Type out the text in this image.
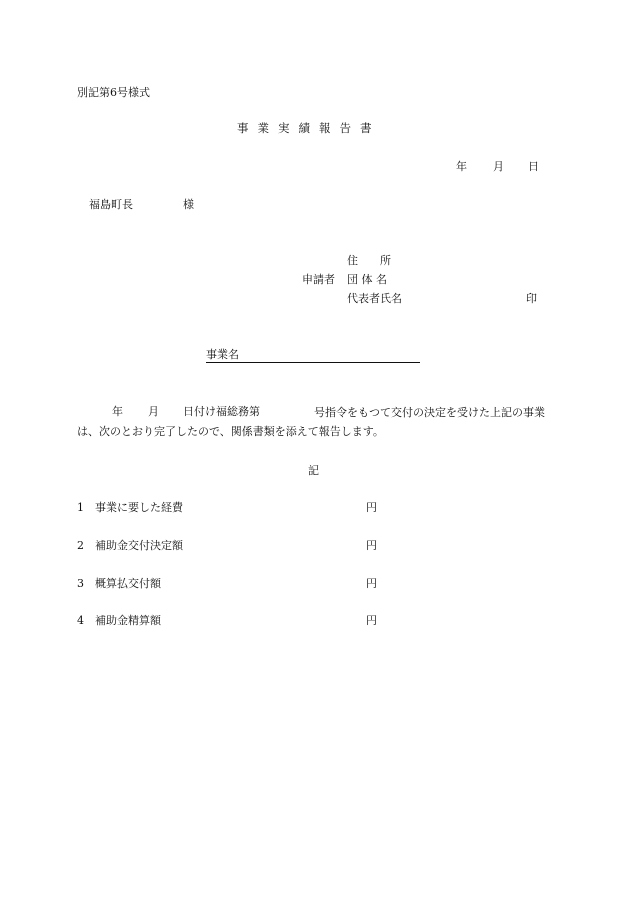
別記第6号様式
事業実績報告書
年 月 日
福島町長	様
住　　所
申請者 団 体 名
代表者氏名	印
事業名
年 月 日付け福総務第	号指令をもつて交付の決定を受けた上記の事業は、次のとおり完了したので、関係書類を添えて報告します。
記
1 事業に要した経費	円
2 補助金交付決定額	円
3 概算払交付額	円
4 補助金精算額	円
